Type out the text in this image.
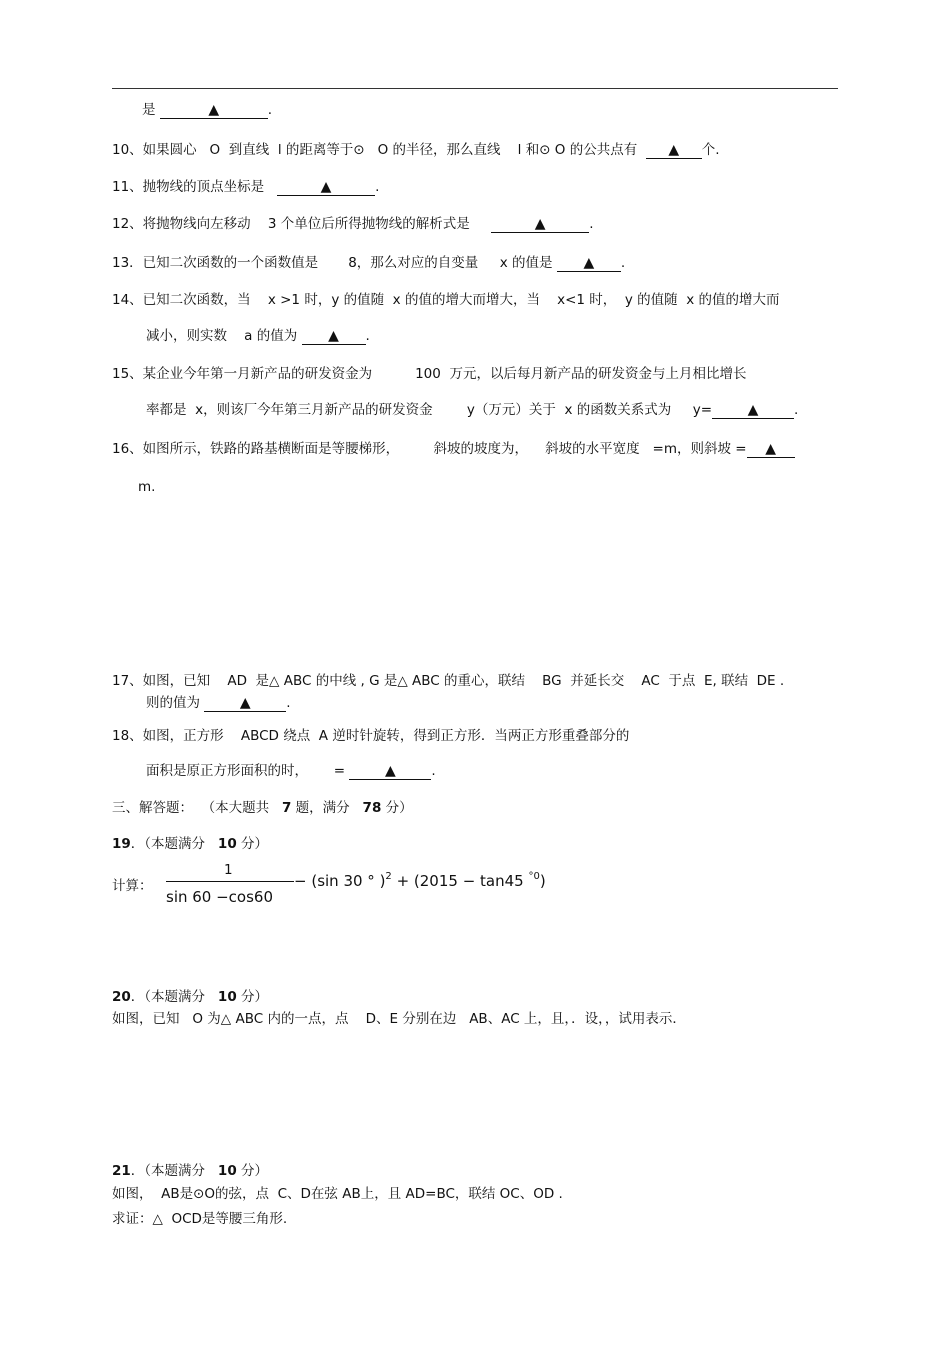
是	▲	.
10、如果圆心   O  到直线  l 的距离等于⊙   O 的半径，那么直线    l 和⊙ O 的公共点有  ▲ 个.
11、抛物线的顶点坐标是	▲	.
12、将抛物线向左移动    3 个单位后所得抛物线的解析式是	▲	.
13．已知二次函数的一个函数值是       8，那么对应的自变量     x 的值是 ▲ .
14、已知二次函数，当    x >1 时，y 的值随  x 的值的增大而增大，当    x<1 时，  y 的值随  x 的值的增大而
减小，则实数    a 的值为 ▲ .
15、某企业今年第一月新产品的研发资金为          100  万元，以后每月新产品的研发资金与上月相比增长
率都是  x，则该厂今年第三月新产品的研发资金        y（万元）关于  x 的函数关系式为     y=	▲	.
16、如图所示，铁路的路基横断面是等腰梯形，        斜坡的坡度为，    斜坡的水平宽度   =m，则斜坡 = ▲
m.
17、如图，已知    AD  是△ ABC 的中线 , G 是△ ABC 的重心，联结    BG  并延长交    AC  于点  E, 联结  DE .
则的值为	▲	.
18、如图，正方形    ABCD 绕点  A 逆时针旋转，得到正方形．当两正方形重叠部分的
面积是原正方形面积的时，      =	▲	.
三、解答题：  （本大题共   7 题，满分   78 分）
19．（本题满分   10 分）
计算：
1
sin 60 −cos60
− (sin 30 ° )$^2$ + (2015 − tan45 $^{^\circ 0}$)
20．（本题满分   10 分）
如图，已知   O 为△ ABC 内的一点，点    D、E 分别在边   AB、AC 上，且，．设，，试用表示．
21．（本题满分   10 分）
如图，  AB是⊙O的弦，点  C、D在弦 AB上，且 AD=BC，联结 OC、OD .
求证：△  OCD是等腰三角形.
